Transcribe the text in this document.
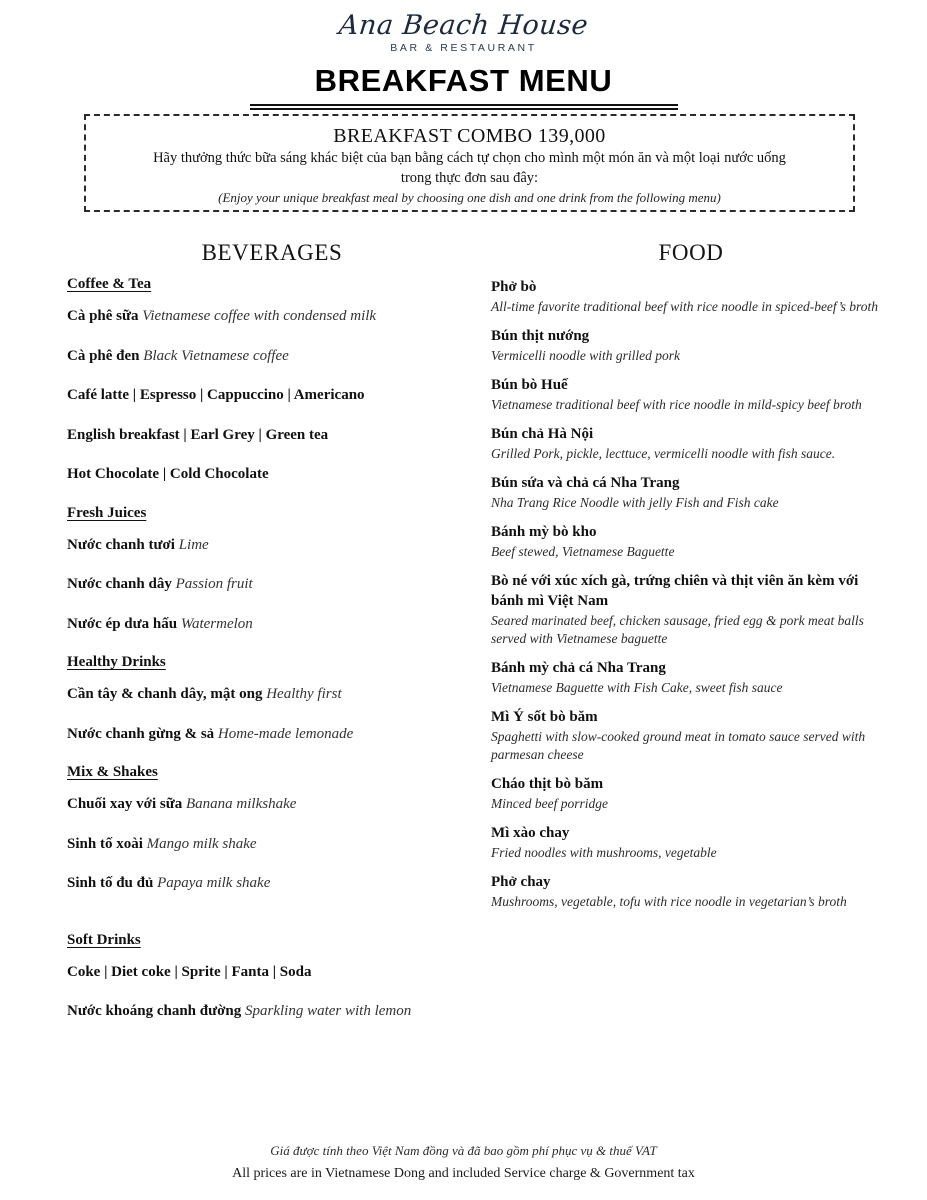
Ana Beach House
BAR & RESTAURANT
BREAKFAST MENU
BREAKFAST COMBO 139,000
Hãy thưởng thức bữa sáng khác biệt của bạn bằng cách tự chọn cho mình một món ăn và một loại nước uống
trong thực đơn sau đây:
(Enjoy your unique breakfast meal by choosing one dish and one drink from the following menu)
BEVERAGES
Coffee & Tea
Cà phê sữa Vietnamese coffee with condensed milk
Cà phê đen Black Vietnamese coffee
Café latte | Espresso | Cappuccino | Americano
English breakfast | Earl Grey | Green tea
Hot Chocolate | Cold Chocolate
Fresh Juices
Nước chanh tươi Lime
Nước chanh dây Passion fruit
Nước ép dưa hấu Watermelon
Healthy Drinks
Cần tây & chanh dây, mật ong Healthy first
Nước chanh gừng & sả Home-made lemonade
Mix & Shakes
Chuối xay với sữa Banana milkshake
Sinh tố xoài Mango milk shake
Sinh tố đu đủ Papaya milk shake
Soft Drinks
Coke | Diet coke | Sprite | Fanta | Soda
Nước khoáng chanh đường Sparkling water with lemon
FOOD
Phở bò
All-time favorite traditional beef with rice noodle in spiced-beef’s broth
Bún thịt nướng
Vermicelli noodle with grilled pork
Bún bò Huế
Vietnamese traditional beef with rice noodle in mild-spicy beef broth
Bún chả Hà Nội
Grilled Pork, pickle, lecttuce, vermicelli noodle with fish sauce.
Bún sứa và chả cá Nha Trang
Nha Trang Rice Noodle with jelly Fish and Fish cake
Bánh mỳ bò kho
Beef stewed, Vietnamese Baguette
Bò né với xúc xích gà, trứng chiên và thịt viên ăn kèm với bánh mì Việt Nam
Seared marinated beef, chicken sausage, fried egg & pork meat balls served with Vietnamese baguette
Bánh mỳ chả cá Nha Trang
Vietnamese Baguette with Fish Cake, sweet fish sauce
Mì Ý sốt bò băm
Spaghetti with slow-cooked ground meat in tomato sauce served with parmesan cheese
Cháo thịt bò băm
Minced beef porridge
Mì xào chay
Fried noodles with mushrooms, vegetable
Phở chay
Mushrooms, vegetable, tofu with rice noodle in vegetarian’s broth
Giá được tính theo Việt Nam đồng và đã bao gồm phí phục vụ & thuế VAT
All prices are in Vietnamese Dong and included Service charge & Government tax
